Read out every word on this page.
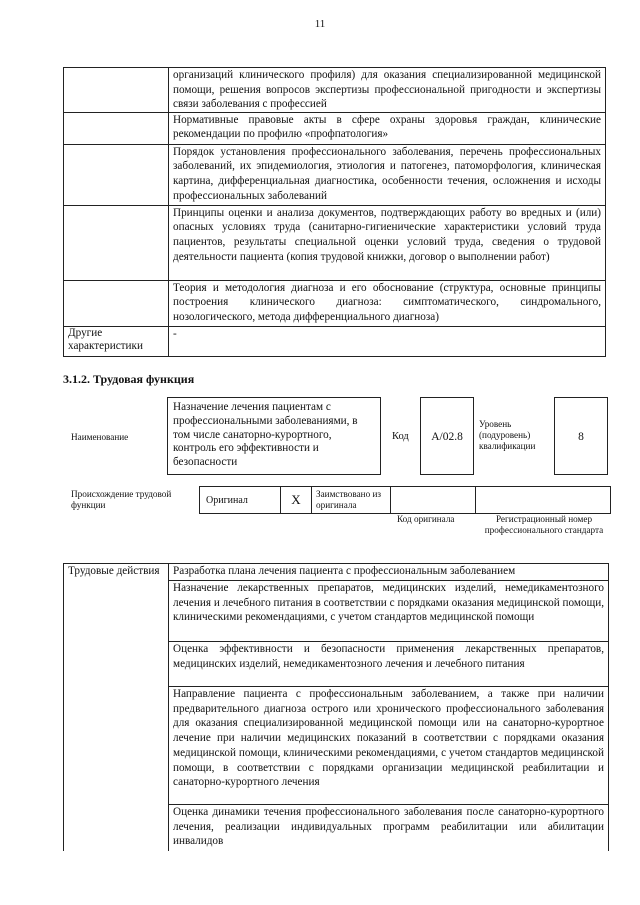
11
	организаций клинического профиля) для оказания специализированной медицинской помощи, решения вопросов экспертизы профессиональной пригодности и экспертизы связи заболевания с профессией
	Нормативные правовые акты в сфере охраны здоровья граждан, клинические рекомендации по профилю «профпатология»
	Порядок установления профессионального заболевания, перечень профессиональных заболеваний, их эпидемиология, этиология и патогенез, патоморфология, клиническая картина, дифференциальная диагностика, особенности течения, осложнения и исходы профессиональных заболеваний
	Принципы оценки и анализа документов, подтверждающих работу во вредных и (или) опасных условиях труда (санитарно-гигиенические характеристики условий труда пациентов, результаты специальной оценки условий труда, сведения о трудовой деятельности пациента (копия трудовой книжки, договор о выполнении работ)
	Теория и методология диагноза и его обоснование (структура, основные принципы построения клинического диагноза: симптоматического, синдромального, нозологического, метода дифференциального диагноза)
Другие характеристики	-
3.1.2. Трудовая функция
Наименование
Назначение лечения пациентам с профессиональными заболеваниями, в том числе санаторно-курортного, контроль его эффективности и безопасности
Код	A/02.8
Уровень (подуровень) квалификации
8
Происхождение трудовой функции	Оригинал	X	Заимствовано из оригинала		
Код оригинала	Регистрационный номер профессионального стандарта
Трудовые действия	Разработка плана лечения пациента с профессиональным заболеванием
Назначение лекарственных препаратов, медицинских изделий, немедикаментозного лечения и лечебного питания в соответствии с порядками оказания медицинской помощи, клиническими рекомендациями, с учетом стандартов медицинской помощи
Оценка эффективности и безопасности применения лекарственных препаратов, медицинских изделий, немедикаментозного лечения и лечебного питания
Направление пациента с профессиональным заболеванием, а также при наличии предварительного диагноза острого или хронического профессионального заболевания для оказания специализированной медицинской помощи или на санаторно-курортное лечение при наличии медицинских показаний в соответствии с порядками оказания медицинской помощи, клиническими рекомендациями, с учетом стандартов медицинской помощи, в соответствии с порядками организации медицинской реабилитации и санаторно-курортного лечения
Оценка динамики течения профессионального заболевания после санаторно-курортного лечения, реализации индивидуальных программ реабилитации или абилитации инвалидов
